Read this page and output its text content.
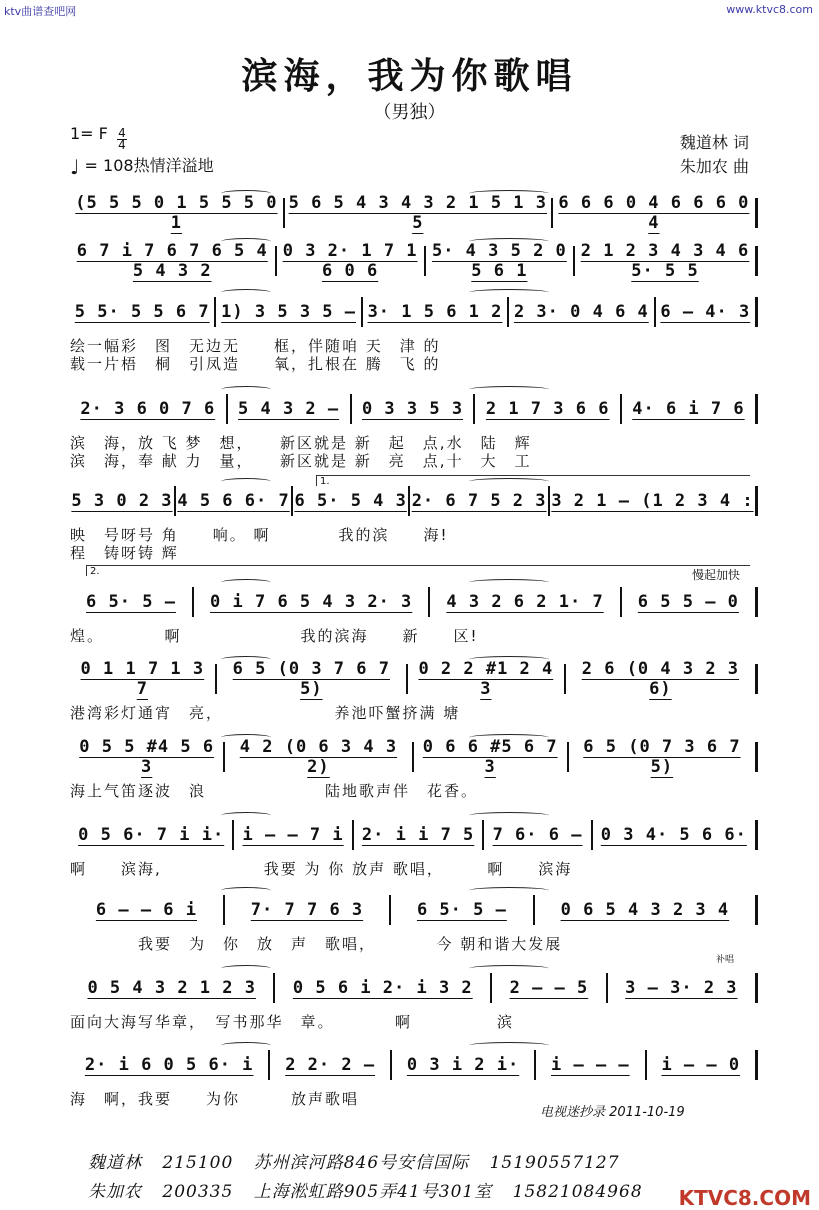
ktv曲谱查吧网	www.ktvc8.com
滨海，我为你歌唱
（男独）
1= F $\frac{4}{4}$
♩ = 108热情洋溢地
魏道林 词
朱加农 曲
(5 5 5 0 1 5 5 5 0 1
5 6 5 4 3 4 3 2 1 5 1 3 5
6 6 6 0 4 6 6 6 0 4
6 7 i 7 6 7 6 5 4 5 4 3 2
0 3 2· 1 7 1 6 0 6
5· 4 3 5 2 0 5 6 1
2 1 2 3 4 3 4 6 5· 5 5
5 5· 5 5 6 7 1) 3 5 3 5 – 3· 1 5 6 1 2 2 3· 0 4 6 4 6 – 4· 3
绘一幅彩　图　无边无　　框，伴随咱 天　津 的
载一片梧　桐　引凤造　　氧，扎根在 腾　飞 的
2· 3 6 0 7 6	5 4 3 2 –	0 3 3 5 3	2 1 7 3 6 6	4· 6 i 7 6
滨　海，放 飞 梦　想，　　新区就是 新　起　点,水　陆　辉
滨　海，奉 献 力　量，　　新区就是 新　亮　点,十　大　工
5 3 0 2 3 4 5 6 6· 7 6 5· 5 4 3 2· 6 7 5 2 3 3 2 1 – (1 2 3 4 :
映　号呀号 角　　响。 啊　　　　我的滨　　海!
程　铸呀铸 辉
6 5· 5 –	0 i 7 6 5 4 3 2· 3	4 3 2 6 2 1· 7	6 5 5 – 0
煌。　　　　啊　　　　　　　我的滨海　　新　　区!
0 1 1 7 1 3 7
6 5 (0 3 7 6 7 5)
0 2 2 #1 2 4 3
2 6 (0 4 3 2 3 6)
港湾彩灯通宵　亮，　　　　　　　养池吓蟹挤满 塘
0 5 5 #4 5 6 3
4 2 (0 6 3 4 3 2)
0 6 6 #5 6 7 3
6 5 (0 7 3 6 7 5)
海上气笛逐波　浪　　　　　　　陆地歌声伴　花香。
0 5 6· 7 i i·	i – – 7 i	2· i i 7 5	7 6· 6 –	0 3 4· 5 6 6·
啊　　滨海,　　　　　　我要 为 你 放声 歌唱，　　　啊　　滨海
6 – – 6 i	7· 7 7 6 3	6 5· 5 –	0 6 5 4 3 2 3 4
　　　　我要　为　你　放　声　歌唱，　　　　今 朝和谐大发展
0 5 4 3 2 1 2 3	0 5 6 i 2· i 3 2	2 – – 5	3 – 3· 2 3
面向大海写华章，　写书那华　章。　　　　啊　　　　　滨
2· i 6 0 5 6· i	2 2· 2 –	0 3 i 2 i·	i – – –	i – – 0
海　啊，我要　　为你　　　放声歌唱
1.
2.	慢起加快
补唱
电视迷抄录 2011-10-19
魏道林 215100 苏州滨河路846号安信国际 15190557127
朱加农 200335 上海淞虹路905弄41号301室 15821084968 KTVC8.COM
